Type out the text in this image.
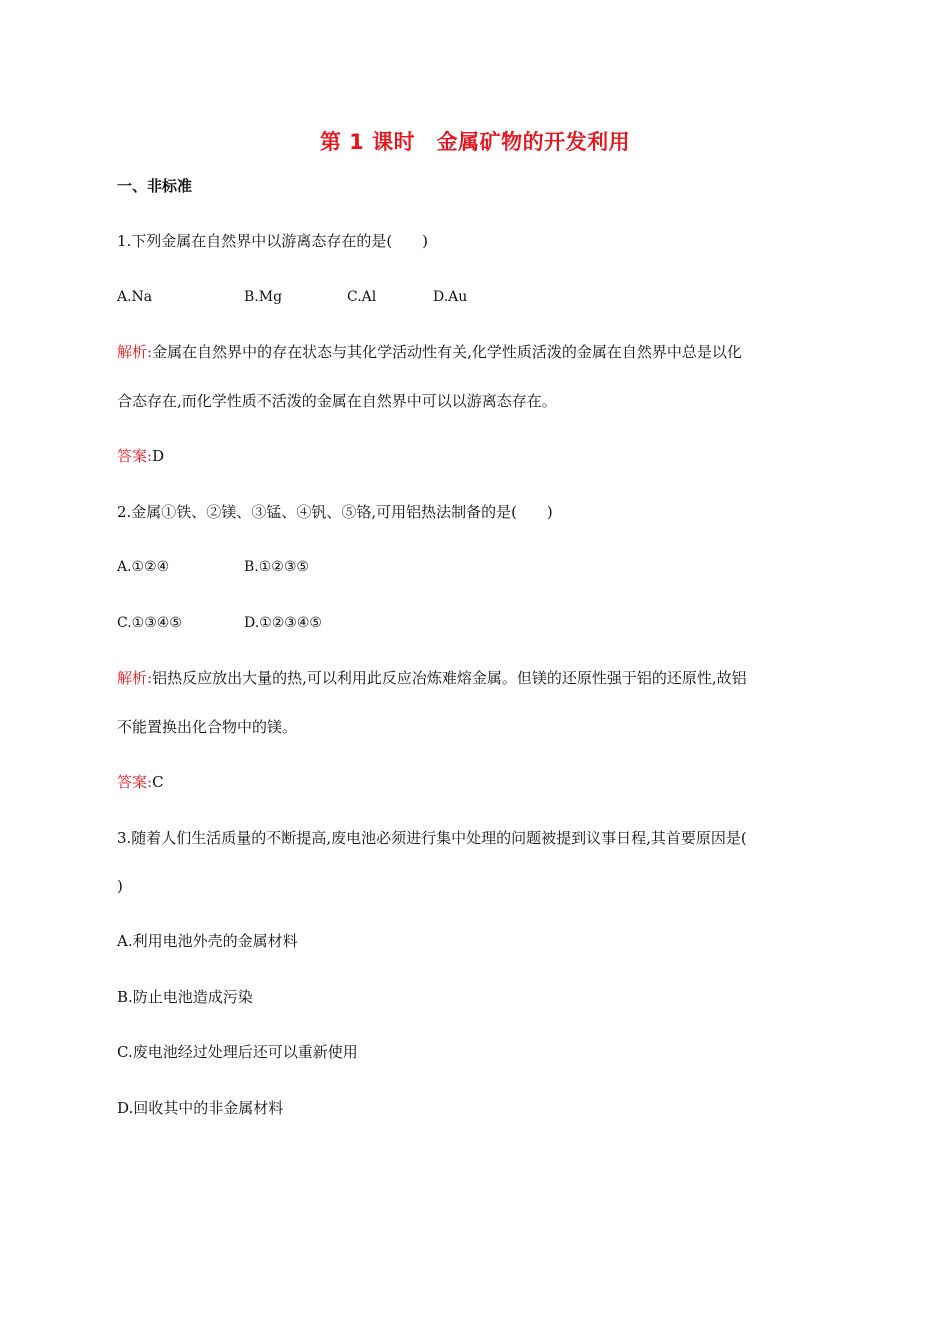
第 1 课时　金属矿物的开发利用
一、非标准
1.下列金属在自然界中以游离态存在的是(　　)
A.Na	B.Mg	C.Al	D.Au
解析:金属在自然界中的存在状态与其化学活动性有关,化学性质活泼的金属在自然界中总是以化
合态存在,而化学性质不活泼的金属在自然界中可以以游离态存在。
答案:D
2.金属①铁、②镁、③锰、④钒、⑤铬,可用铝热法制备的是(　　)
A.①②④	B.①②③⑤
C.①③④⑤	D.①②③④⑤
解析:铝热反应放出大量的热,可以利用此反应冶炼难熔金属。但镁的还原性强于铝的还原性,故铝
不能置换出化合物中的镁。
答案:C
3.随着人们生活质量的不断提高,废电池必须进行集中处理的问题被提到议事日程,其首要原因是(
)
A.利用电池外壳的金属材料
B.防止电池造成污染
C.废电池经过处理后还可以重新使用
D.回收其中的非金属材料
